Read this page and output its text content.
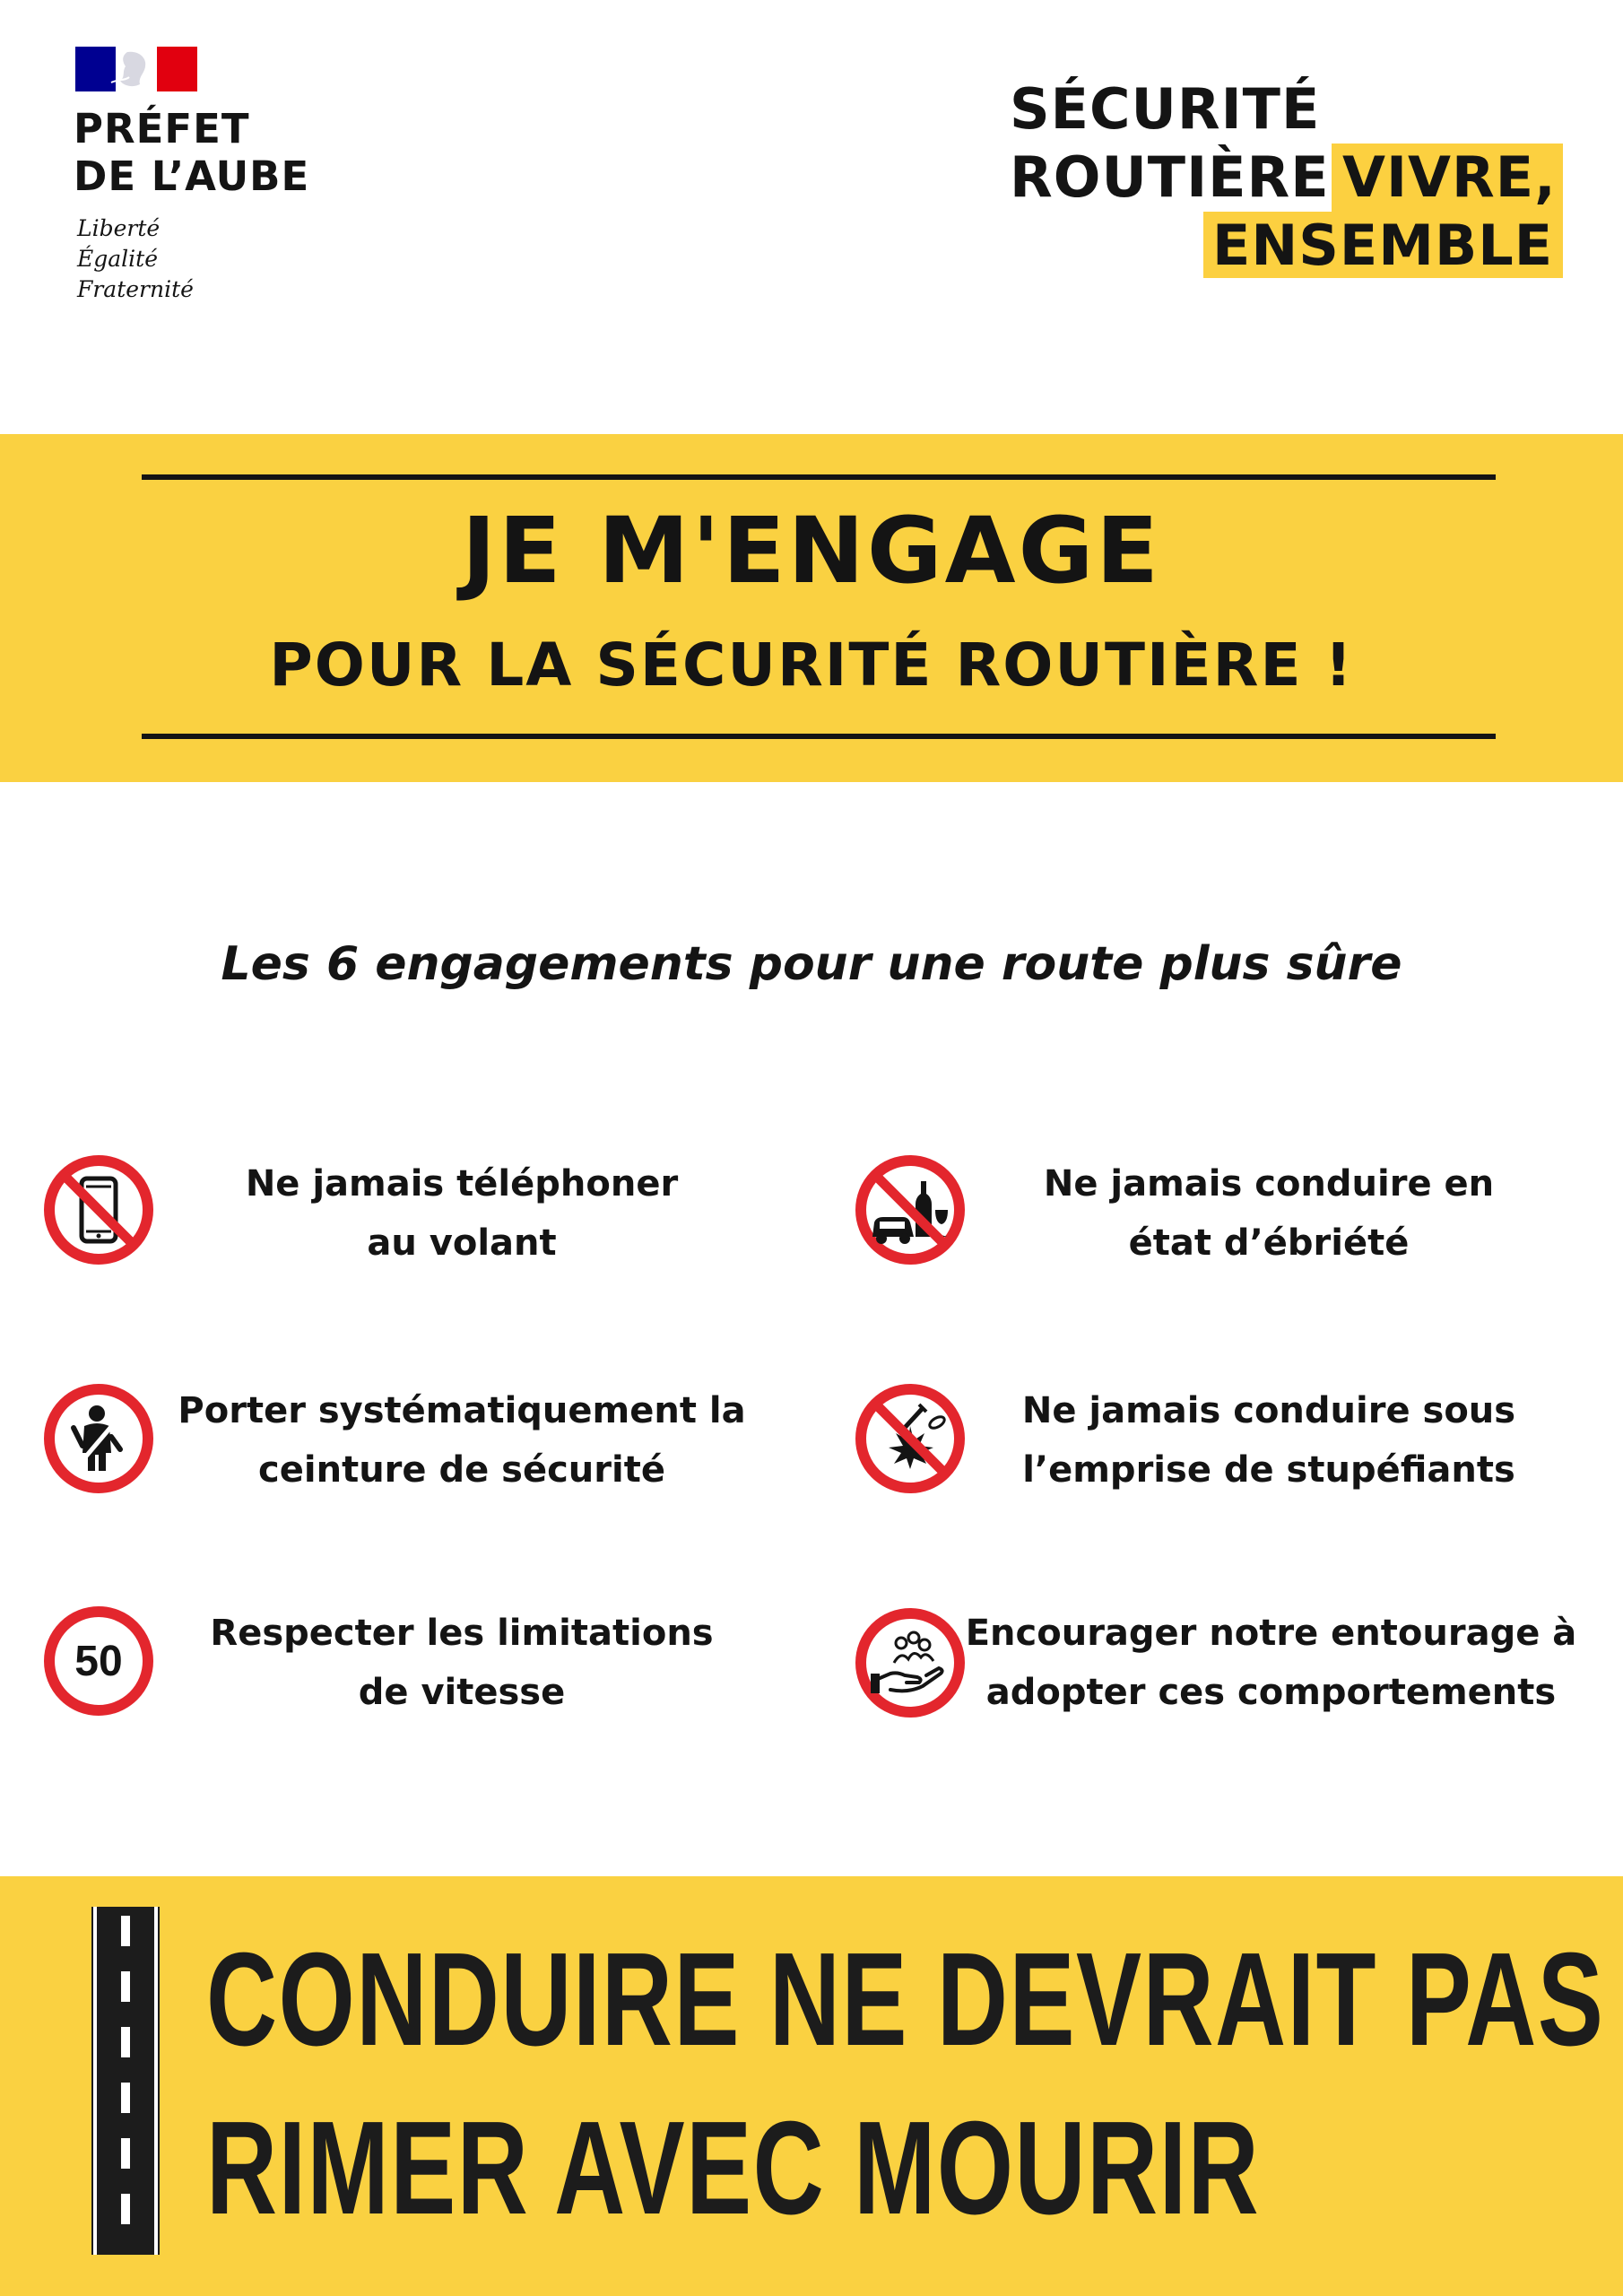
PRÉFET
DE L’AUBE
Liberté
Égalité
Fraternité
SÉCURITÉ
ROUTIÈRE VIVRE,
ENSEMBLE
JE M'ENGAGE
POUR LA SÉCURITÉ ROUTIÈRE !
Les 6 engagements pour une route plus sûre
Ne jamais téléphoner
au volant
Ne jamais conduire en
état d’ébriété
Porter systématiquement la
ceinture de sécurité
Ne jamais conduire sous
l’emprise de stupéfiants
50
Respecter les limitations
de vitesse
Encourager notre entourage à
adopter ces comportements
CONDUIRE NE DEVRAIT PAS
RIMER AVEC MOURIR
